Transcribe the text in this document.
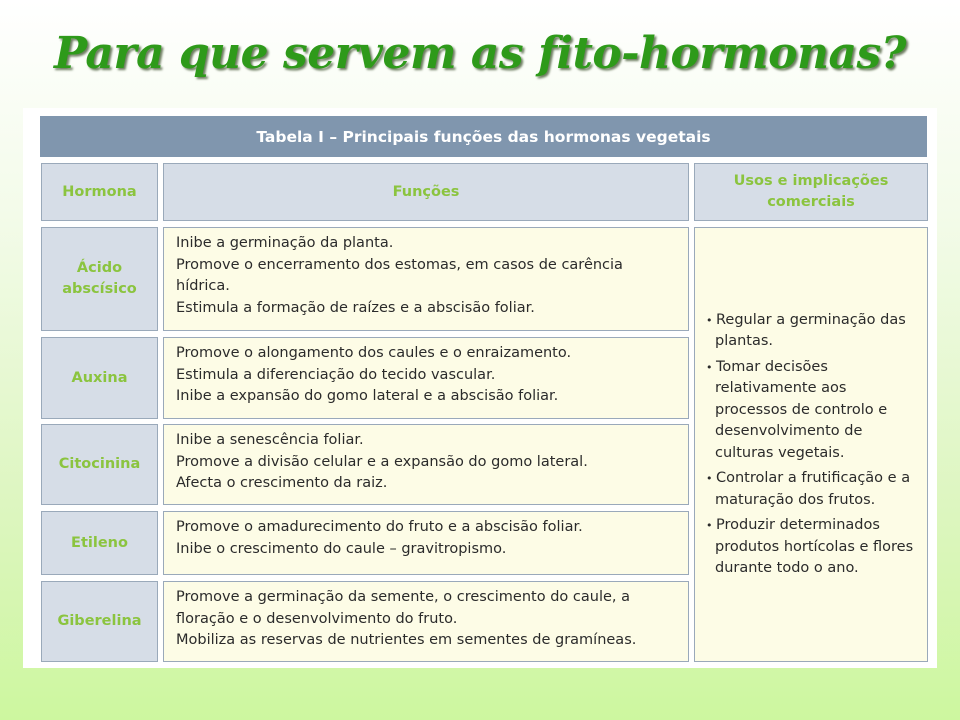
Para que servem as fito-hormonas?
Tabela I – Principais funções das hormonas vegetais
Hormona	Funções
Usos e implicações comerciais
Ácido abscísico
Inibe a germinação da planta.
Promove o encerramento dos estomas, em casos de carência
hídrica.
Estimula a formação de raízes e a abscisão foliar.
Auxina
Promove o alongamento dos caules e o enraizamento.
Estimula a diferenciação do tecido vascular.
Inibe a expansão do gomo lateral e a abscisão foliar.
Citocinina
Inibe a senescência foliar.
Promove a divisão celular e a expansão do gomo lateral.
Afecta o crescimento da raiz.
Etileno
Promove o amadurecimento do fruto e a abscisão foliar.
Inibe o crescimento do caule – gravitropismo.
Giberelina
Promove a germinação da semente, o crescimento do caule, a
floração e o desenvolvimento do fruto.
Mobiliza as reservas de nutrientes em sementes de gramíneas.
• Regular a germinação das plantas.
• Tomar decisões relativamente aos processos de controlo e desenvolvimento de culturas vegetais.
• Controlar a frutificação e a maturação dos frutos.
• Produzir determinados produtos hortícolas e flores durante todo o ano.
